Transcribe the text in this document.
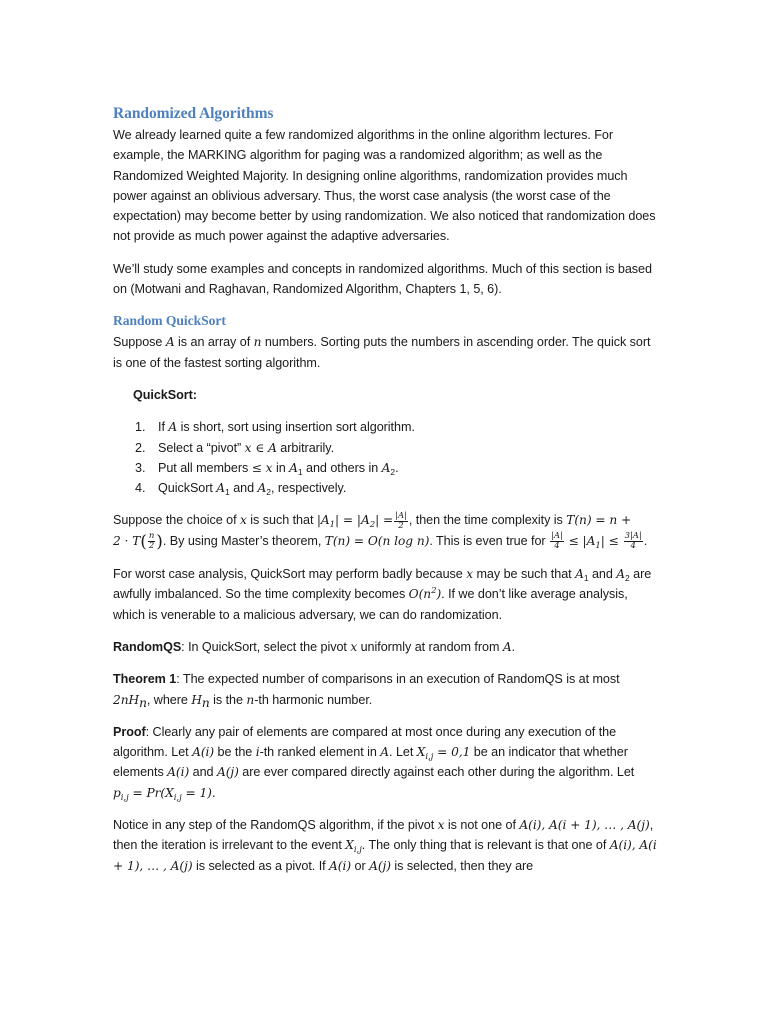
Randomized Algorithms

We already learned quite a few randomized algorithms in the online algorithm lectures. For example, the MARKING algorithm for paging was a randomized algorithm; as well as the Randomized Weighted Majority. In designing online algorithms, randomization provides much power against an oblivious adversary. Thus, the worst case analysis (the worst case of the expectation) may become better by using randomization. We also noticed that randomization does not provide as much power against the adaptive adversaries.

We’ll study some examples and concepts in randomized algorithms. Much of this section is based on (Motwani and Raghavan, Randomized Algorithm, Chapters 1, 5, 6).

Random QuickSort

Suppose A is an array of n numbers. Sorting puts the numbers in ascending order. The quick sort is one of the fastest sorting algorithm.

QuickSort:
1. If A is short, sort using insertion sort algorithm.
2. Select a “pivot” x ∈ A arbitrarily.
3. Put all members ≤ x in $A_1$ and others in $A_2$.
4. QuickSort $A_1$ and $A_2$, respectively.

Suppose the choice of x is such that $|A_1| = |A_2| = \frac{|A|}{2}$ , then the time complexity is T(n) = n +
$2 \cdot T( \frac{n}{2}$ ). By using Master’s theorem, T(n) = O(n log n). This is even true for $\frac{|A|}{4} \le |A_1| \le \frac{3|A|}{4}$ .

For worst case analysis, QuickSort may perform badly because x may be such that $A_1$ and $A_2$ are awfully imbalanced. So the time complexity becomes $O(n^2)$. If we don’t like average analysis, which is venerable to a malicious adversary, we can do randomization.

RandomQS: In QuickSort, select the pivot x uniformly at random from A.

Theorem 1: The expected number of comparisons in an execution of RandomQS is at most
$2nH_n$, where $H_n$ is the n-th harmonic number.

Proof: Clearly any pair of elements are compared at most once during any execution of the algorithm. Let A(i) be the i-th ranked element in A. Let $X_{i,j} = 0,1$ be an indicator that whether elements A(i) and A(j) are ever compared directly against each other during the algorithm. Let
$p_{i,j} = Pr(X_{i,j} = 1)$.

Notice in any step of the RandomQS algorithm, if the pivot x is not one of A(i), A(i + 1), … , A(j), then the iteration is irrelevant to the event $X_{i,j}$. The only thing that is relevant is that one of A(i), A(i + 1), … , A(j) is selected as a pivot. If A(i) or A(j) is selected, then they are
